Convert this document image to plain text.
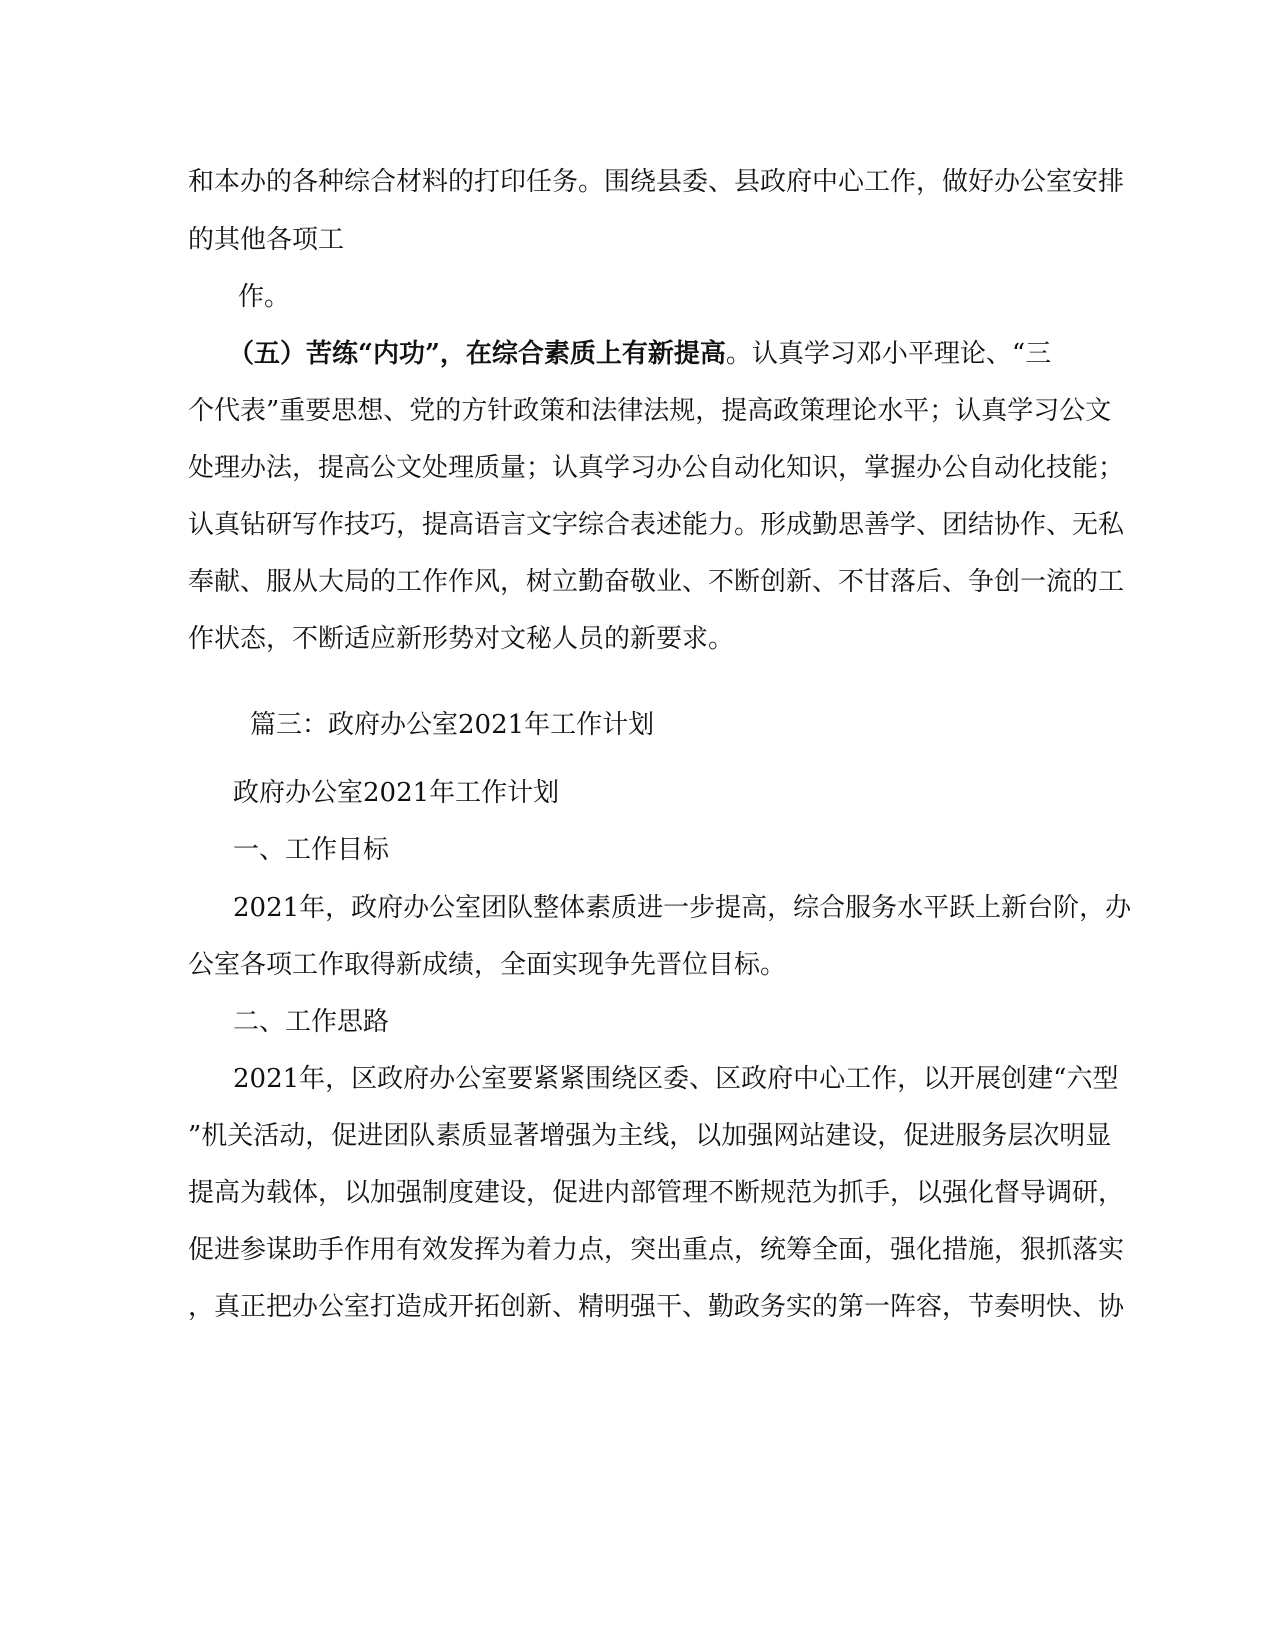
和本办的各种综合材料的打印任务。围绕县委、县政府中心工作，做好办公室安排
的其他各项工
作。
（五）苦练“内功”，在综合素质上有新提高。认真学习邓小平理论、“三
个代表”重要思想、党的方针政策和法律法规，提高政策理论水平；认真学习公文
处理办法，提高公文处理质量；认真学习办公自动化知识，掌握办公自动化技能；
认真钻研写作技巧，提高语言文字综合表述能力。形成勤思善学、团结协作、无私
奉献、服从大局的工作作风，树立勤奋敬业、不断创新、不甘落后、争创一流的工
作状态，不断适应新形势对文秘人员的新要求。
篇三：政府办公室2021年工作计划
政府办公室2021年工作计划
一、工作目标
2021年，政府办公室团队整体素质进一步提高，综合服务水平跃上新台阶，办
公室各项工作取得新成绩，全面实现争先晋位目标。
二、工作思路
2021年，区政府办公室要紧紧围绕区委、区政府中心工作，以开展创建“六型
”机关活动，促进团队素质显著增强为主线，以加强网站建设，促进服务层次明显
提高为载体，以加强制度建设，促进内部管理不断规范为抓手，以强化督导调研，
促进参谋助手作用有效发挥为着力点，突出重点，统筹全面，强化措施，狠抓落实
，真正把办公室打造成开拓创新、精明强干、勤政务实的第一阵容，节奏明快、协
